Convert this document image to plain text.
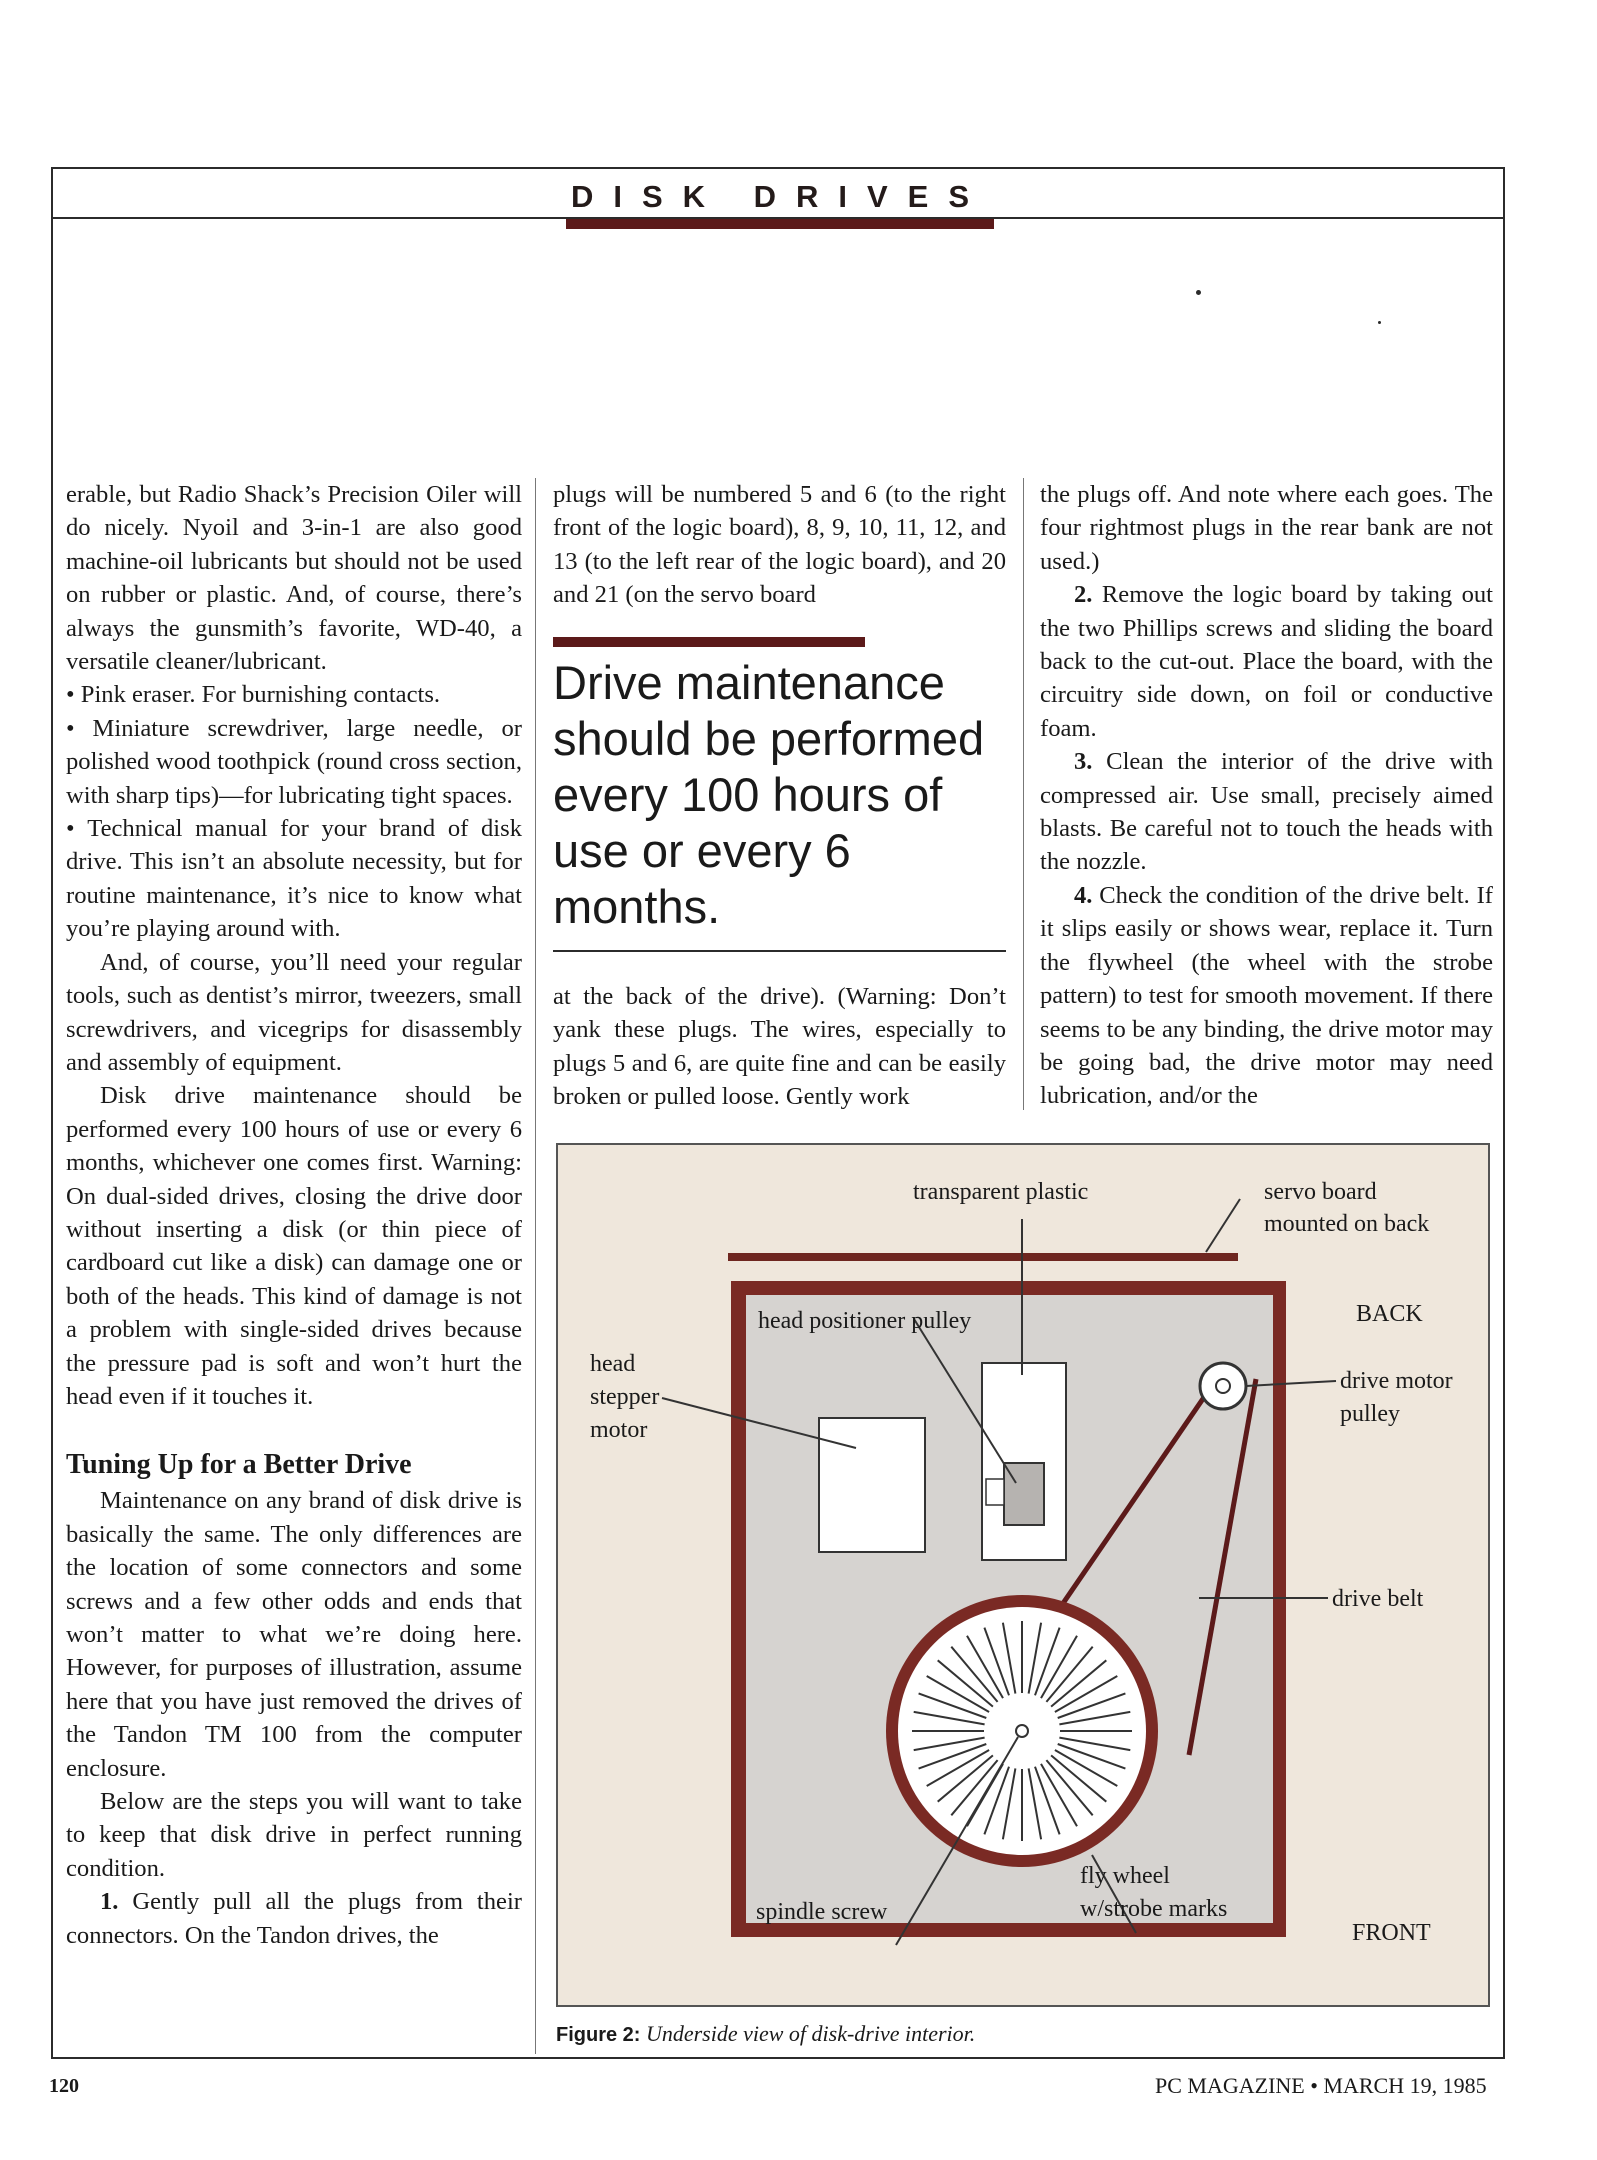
DISK DRIVES

erable, but Radio Shack’s Precision Oiler will do nicely. Nyoil and 3-in-1 are also good machine-oil lubricants but should not be used on rubber or plastic. And, of course, there’s always the gunsmith’s favorite, WD-40, a versatile cleaner/lubricant.

• Pink eraser. For burnishing contacts.

• Miniature screwdriver, large needle, or polished wood toothpick (round cross section, with sharp tips)—for lubricating tight spaces.

• Technical manual for your brand of disk drive. This isn’t an absolute necessity, but for routine maintenance, it’s nice to know what you’re playing around with.

And, of course, you’ll need your regular tools, such as dentist’s mirror, tweezers, small screwdrivers, and vicegrips for disassembly and assembly of equipment.

Disk drive maintenance should be performed every 100 hours of use or every 6 months, whichever one comes first. Warning: On dual-sided drives, closing the drive door without inserting a disk (or thin piece of cardboard cut like a disk) can damage one or both of the heads. This kind of damage is not a problem with single-sided drives because the pressure pad is soft and won’t hurt the head even if it touches it.

Tuning Up for a Better Drive

Maintenance on any brand of disk drive is basically the same. The only differences are the location of some connectors and some screws and a few other odds and ends that won’t matter to what we’re doing here. However, for purposes of illustration, assume here that you have just removed the drives of the Tandon TM 100 from the computer enclosure.

Below are the steps you will want to take to keep that disk drive in perfect running condition.

1. Gently pull all the plugs from their connectors. On the Tandon drives, the

plugs will be numbered 5 and 6 (to the right front of the logic board), 8, 9, 10, 11, 12, and 13 (to the left rear of the logic board), and 20 and 21 (on the servo board

Drive maintenance should be performed every 100 hours of use or every 6 months.

at the back of the drive). (Warning: Don’t yank these plugs. The wires, especially to plugs 5 and 6, are quite fine and can be easily broken or pulled loose. Gently work

the plugs off. And note where each goes. The four rightmost plugs in the rear bank are not used.)

2. Remove the logic board by taking out the two Phillips screws and sliding the board back to the cut-out. Place the board, with the circuitry side down, on foil or conductive foam.

3. Clean the interior of the drive with compressed air. Use small, precisely aimed blasts. Be careful not to touch the heads with the nozzle.

4. Check the condition of the drive belt. If it slips easily or shows wear, replace it. Turn the flywheel (the wheel with the strobe pattern) to test for smooth movement. If there seems to be any binding, the drive motor may be going bad, the drive motor may need lubrication, and/or the

transparent plastic	servo board
mounted on back
BACK
head positioner pulley
head
stepper
motor
drive motor
pulley
drive belt
fly wheel
w/strobe marks
spindle screw
FRONT
Figure 2: Underside view of disk-drive interior.
120	PC MAGAZINE • MARCH 19, 1985
